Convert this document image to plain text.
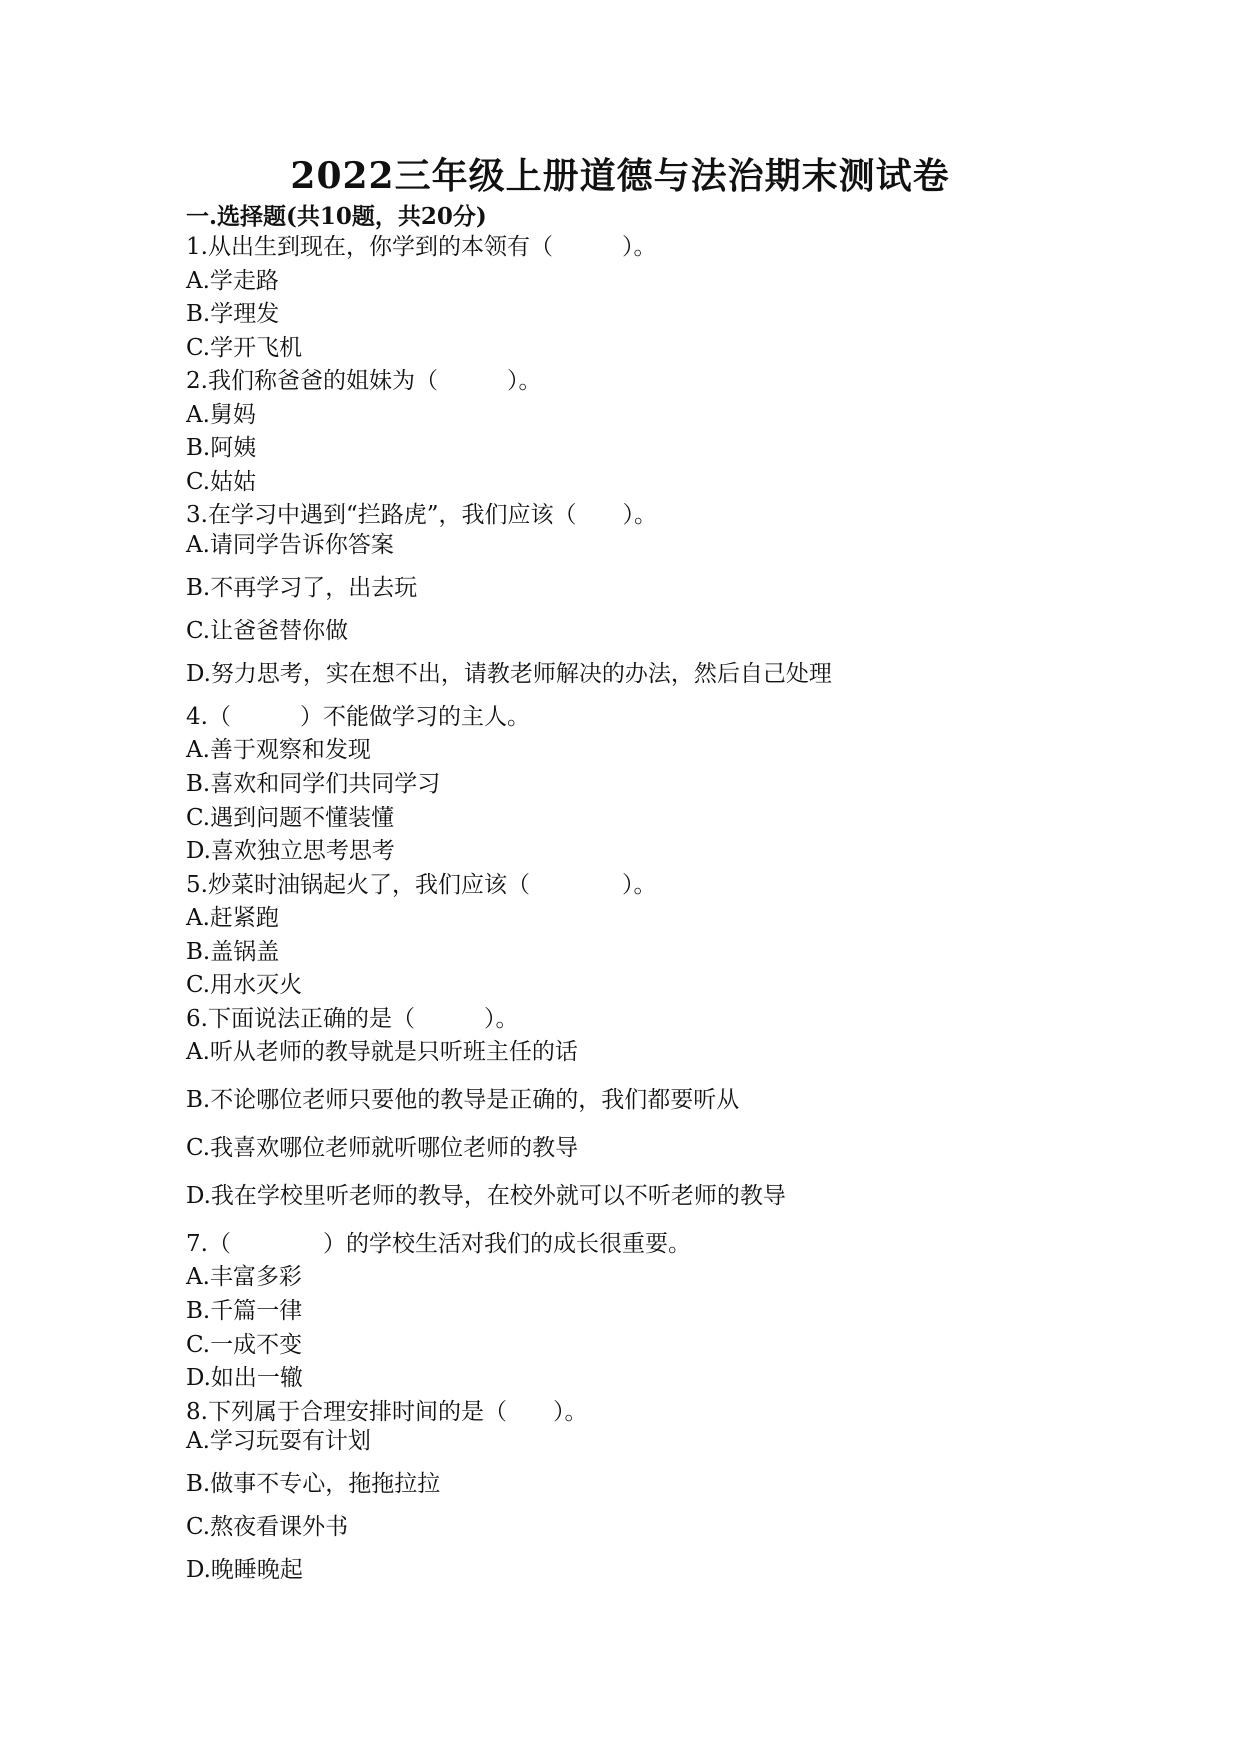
2022三年级上册道德与法治期末测试卷
一.选择题(共10题，共20分)
1.从出生到现在，你学到的本领有（　　　）。
A.学走路
B.学理发
C.学开飞机
2.我们称爸爸的姐妹为（　　　）。
A.舅妈
B.阿姨
C.姑姑
3.在学习中遇到“拦路虎”，我们应该（　　）。
A.请同学告诉你答案
B.不再学习了，出去玩
C.让爸爸替你做
D.努力思考，实在想不出，请教老师解决的办法，然后自己处理
4.（　　　）不能做学习的主人。
A.善于观察和发现
B.喜欢和同学们共同学习
C.遇到问题不懂装懂
D.喜欢独立思考思考
5.炒菜时油锅起火了，我们应该（　　　　）。
A.赶紧跑
B.盖锅盖
C.用水灭火
6.下面说法正确的是（　　　）。
A.听从老师的教导就是只听班主任的话
B.不论哪位老师只要他的教导是正确的，我们都要听从
C.我喜欢哪位老师就听哪位老师的教导
D.我在学校里听老师的教导，在校外就可以不听老师的教导
7.（　　　　）的学校生活对我们的成长很重要。
A.丰富多彩
B.千篇一律
C.一成不变
D.如出一辙
8.下列属于合理安排时间的是（　　）。
A.学习玩耍有计划
B.做事不专心，拖拖拉拉
C.熬夜看课外书
D.晚睡晚起
